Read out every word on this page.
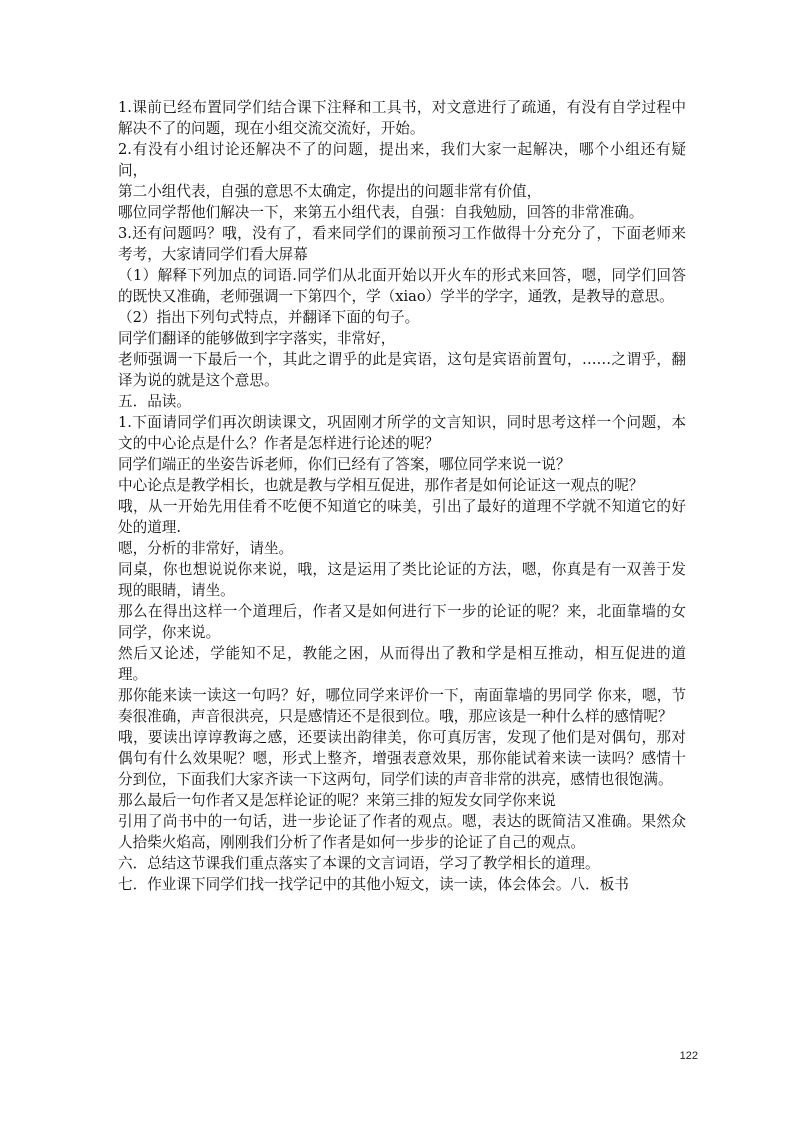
1.课前已经布置同学们结合课下注释和工具书，对文意进行了疏通，有没有自学过程中解决不了的问题，现在小组交流交流好，开始。

2.有没有小组讨论还解决不了的问题，提出来，我们大家一起解决，哪个小组还有疑问，

第二小组代表，自强的意思不太确定，你提出的问题非常有价值，

哪位同学帮他们解决一下，来第五小组代表，自强：自我勉励，回答的非常准确。

3.还有问题吗？哦，没有了，看来同学们的课前预习工作做得十分充分了，下面老师来考考，大家请同学们看大屏幕

（1）解释下列加点的词语.同学们从北面开始以开火车的形式来回答，嗯，同学们回答的既快又准确，老师强调一下第四个，学（xiao）学半的学字，通敩，是教导的意思。

（2）指出下列句式特点，并翻译下面的句子。

同学们翻译的能够做到字字落实，非常好，

老师强调一下最后一个，其此之谓乎的此是宾语，这句是宾语前置句，……之谓乎，翻译为说的就是这个意思。

五．品读。

1.下面请同学们再次朗读课文，巩固刚才所学的文言知识，同时思考这样一个问题，本文的中心论点是什么？作者是怎样进行论述的呢？

同学们端正的坐姿告诉老师，你们已经有了答案，哪位同学来说一说？

中心论点是教学相长，也就是教与学相互促进，那作者是如何论证这一观点的呢？

哦，从一开始先用佳肴不吃便不知道它的味美，引出了最好的道理不学就不知道它的好处的道理.

嗯，分析的非常好，请坐。

同桌，你也想说说你来说，哦，这是运用了类比论证的方法，嗯，你真是有一双善于发现的眼睛，请坐。

那么在得出这样一个道理后，作者又是如何进行下一步的论证的呢？来，北面靠墙的女同学，你来说。

然后又论述，学能知不足，教能之困，从而得出了教和学是相互推动，相互促进的道理。

那你能来读一读这一句吗？好，哪位同学来评价一下，南面靠墙的男同学 你来，嗯，节奏很准确，声音很洪亮，只是感情还不是很到位。哦，那应该是一种什么样的感情呢？

哦，要读出谆谆教诲之感，还要读出韵律美，你可真厉害，发现了他们是对偶句，那对偶句有什么效果呢？嗯，形式上整齐，增强表意效果，那你能试着来读一读吗？感情十分到位，下面我们大家齐读一下这两句，同学们读的声音非常的洪亮，感情也很饱满。

那么最后一句作者又是怎样论证的呢？来第三排的短发女同学你来说

引用了尚书中的一句话，进一步论证了作者的观点。嗯，表达的既简洁又准确。果然众人拾柴火焰高，刚刚我们分析了作者是如何一步步的论证了自己的观点。

六．总结这节课我们重点落实了本课的文言词语，学习了教学相长的道理。

七．作业课下同学们找一找学记中的其他小短文，读一读，体会体会。八．板书

122
